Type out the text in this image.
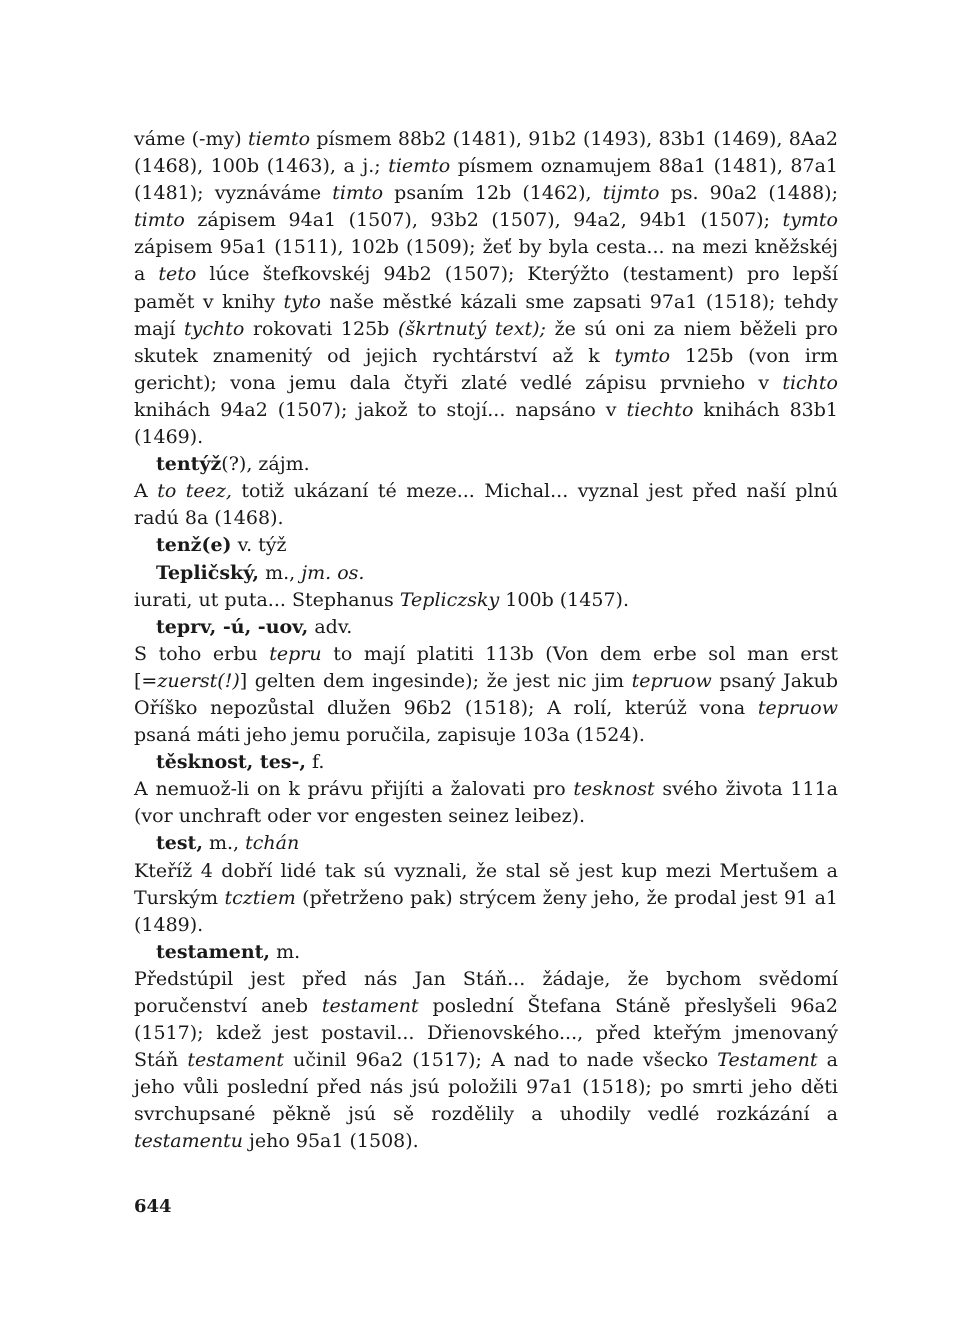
váme (-my) tiemto písmem 88b2 (1481), 91b2 (1493), 83b1 (1469), 8Aa2 (1468), 100b (1463), a j.; tiemto písmem oznamujem 88a1 (1481), 87a1 (1481); vyznáváme timto psaním 12b (1462), tijmto ps. 90a2 (1488); timto zápisem 94a1 (1507), 93b2 (1507), 94a2, 94b1 (1507); tymto zápisem 95a1 (1511), 102b (1509); žeť by byla cesta... na mezi kněžskéj a teto lúce štefkovskéj 94b2 (1507); Kterýžto (testament) pro lepší pamět v knihy tyto naše městké kázali sme zapsati 97a1 (1518); tehdy mají tychto rokovati 125b (škrtnutý text); že sú oni za niem běželi pro skutek znamenitý od jejich rychtárství až k tymto 125b (von irm gericht); vona jemu dala čtyři zlaté vedlé zápisu prvnieho v tichto knihách 94a2 (1507); jakož to stojí... napsáno v tiechto knihách 83b1 (1469).

tentýž(?), zájm.

A to teez, totiž ukázaní té meze... Michal... vyznal jest před naší plnú radú 8a (1468).

tenž(e) v. týž

Tepličský, m., jm. os.

iurati, ut puta... Stephanus Tepliczsky 100b (1457).

teprv, -ú, -uov, adv.

S toho erbu tepru to mají platiti 113b (Von dem erbe sol man erst [=zuerst(!)] gelten dem ingesinde); že jest nic jim tepruow psaný Jakub Oříško nepozůstal dlužen 96b2 (1518); A rolí, kterúž vona tepruow psaná máti jeho jemu poručila, zapisuje 103a (1524).

těsknost, tes-, f.

A nemuož-li on k právu přijíti a žalovati pro tesknost svého života 111a (vor unchraft oder vor engesten seinez leibez).

test, m., tchán

Kteříž 4 dobří lidé tak sú vyznali, že stal sě jest kup mezi Mertušem a Turským tcztiem (přetrženo pak) strýcem ženy jeho, že prodal jest 91 a1 (1489).

testament, m.

Předstúpil jest před nás Jan Stáň... žádaje, že bychom svědomí poručenství aneb testament poslední Štefana Stáně přeslyšeli 96a2 (1517); kdež jest postavil... Dřienovského..., před kteřým jmenovaný Stáň testament učinil 96a2 (1517); A nad to nade všecko Testament a jeho vůli poslední před nás jsú položili 97a1 (1518); po smrti jeho děti svrchupsané pěkně jsú sě rozdělily a uhodily vedlé rozkázání a testamentu jeho 95a1 (1508).

644
